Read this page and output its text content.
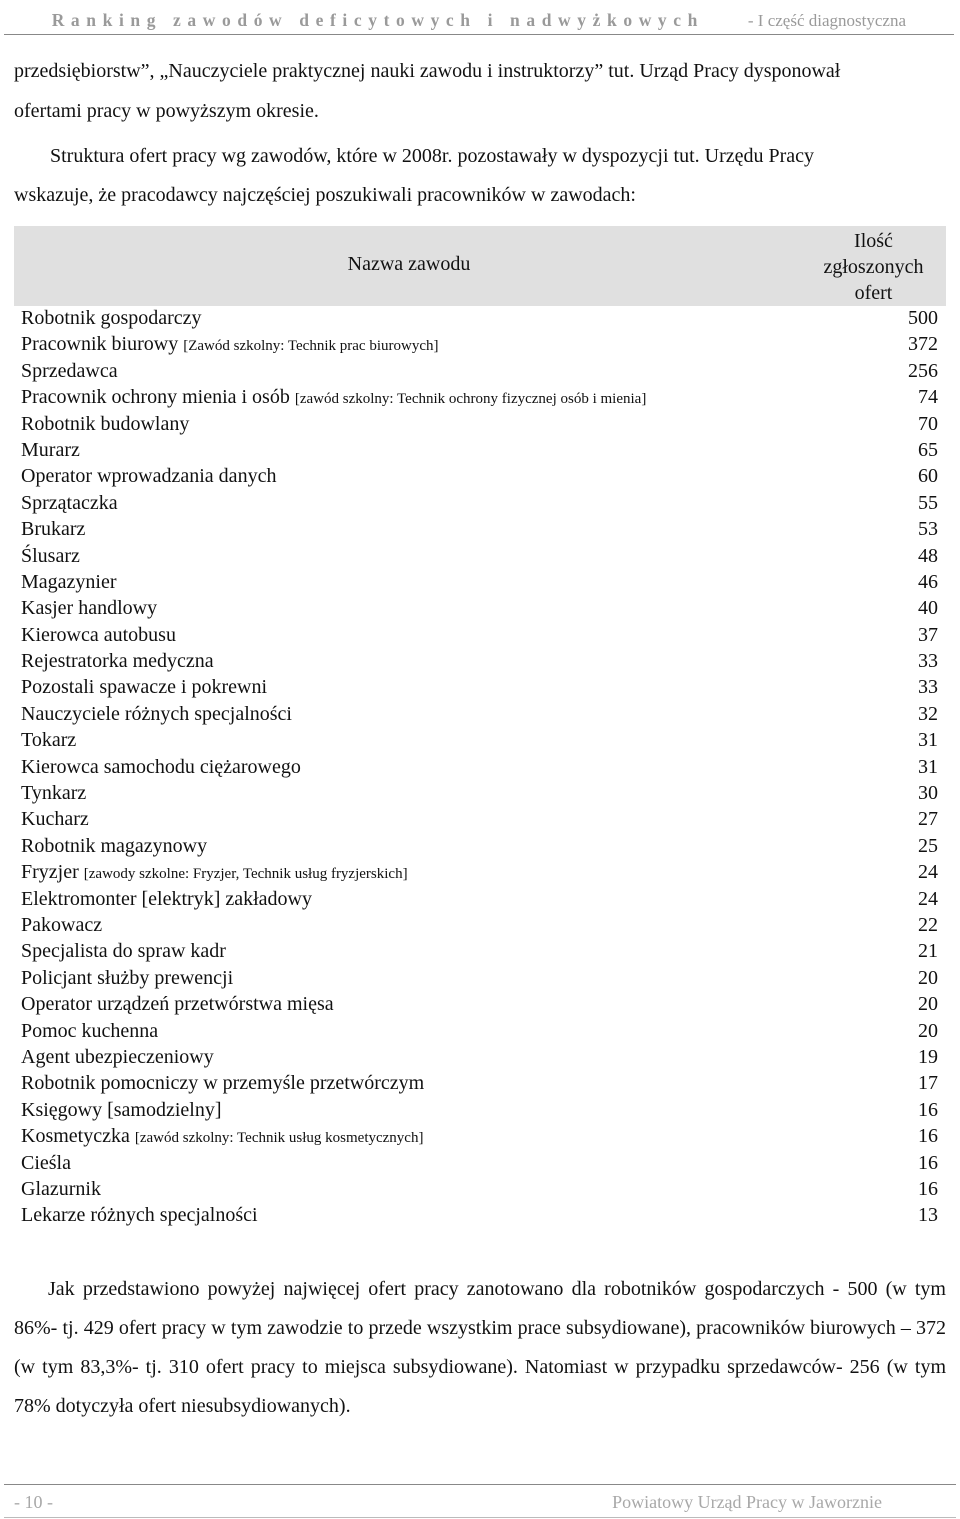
Ranking zawodów deficytowych i nadwyżkowych	- I część diagnostyczna
przedsiębiorstw”, „Nauczyciele praktycznej nauki zawodu i instruktorzy” tut. Urząd Pracy dysponował
ofertami pracy w powyższym okresie.
Struktura ofert pracy wg zawodów, które w 2008r. pozostawały w dyspozycji tut. Urzędu Pracy
wskazuje, że pracodawcy najczęściej poszukiwali pracowników w zawodach:
Nazwa zawodu
Ilość zgłoszonych ofert
Robotnik gospodarczy	500
Pracownik biurowy [Zawód szkolny: Technik prac biurowych]	372
Sprzedawca	256
Pracownik ochrony mienia i osób [zawód szkolny: Technik ochrony fizycznej osób i mienia]	74
Robotnik budowlany	70
Murarz	65
Operator wprowadzania danych	60
Sprzątaczka	55
Brukarz	53
Ślusarz	48
Magazynier	46
Kasjer handlowy	40
Kierowca autobusu	37
Rejestratorka medyczna	33
Pozostali spawacze i pokrewni	33
Nauczyciele różnych specjalności	32
Tokarz	31
Kierowca samochodu ciężarowego	31
Tynkarz	30
Kucharz	27
Robotnik magazynowy	25
Fryzjer [zawody szkolne: Fryzjer, Technik usług fryzjerskich]	24
Elektromonter [elektryk] zakładowy	24
Pakowacz	22
Specjalista do spraw kadr	21
Policjant służby prewencji	20
Operator urządzeń przetwórstwa mięsa	20
Pomoc kuchenna	20
Agent ubezpieczeniowy	19
Robotnik pomocniczy w przemyśle przetwórczym	17
Księgowy [samodzielny]	16
Kosmetyczka [zawód szkolny: Technik usług kosmetycznych]	16
Cieśla	16
Glazurnik	16
Lekarze różnych specjalności	13
Jak przedstawiono powyżej najwięcej ofert pracy zanotowano dla robotników gospodarczych - 500 (w tym 86%- tj. 429 ofert pracy w tym zawodzie to przede wszystkim prace subsydiowane), pracowników biurowych – 372 (w tym 83,3%- tj. 310 ofert pracy to miejsca subsydiowane). Natomiast w przypadku sprzedawców- 256 (w tym 78% dotyczyła ofert niesubsydiowanych).
- 10 -	Powiatowy Urząd Pracy w Jaworznie
